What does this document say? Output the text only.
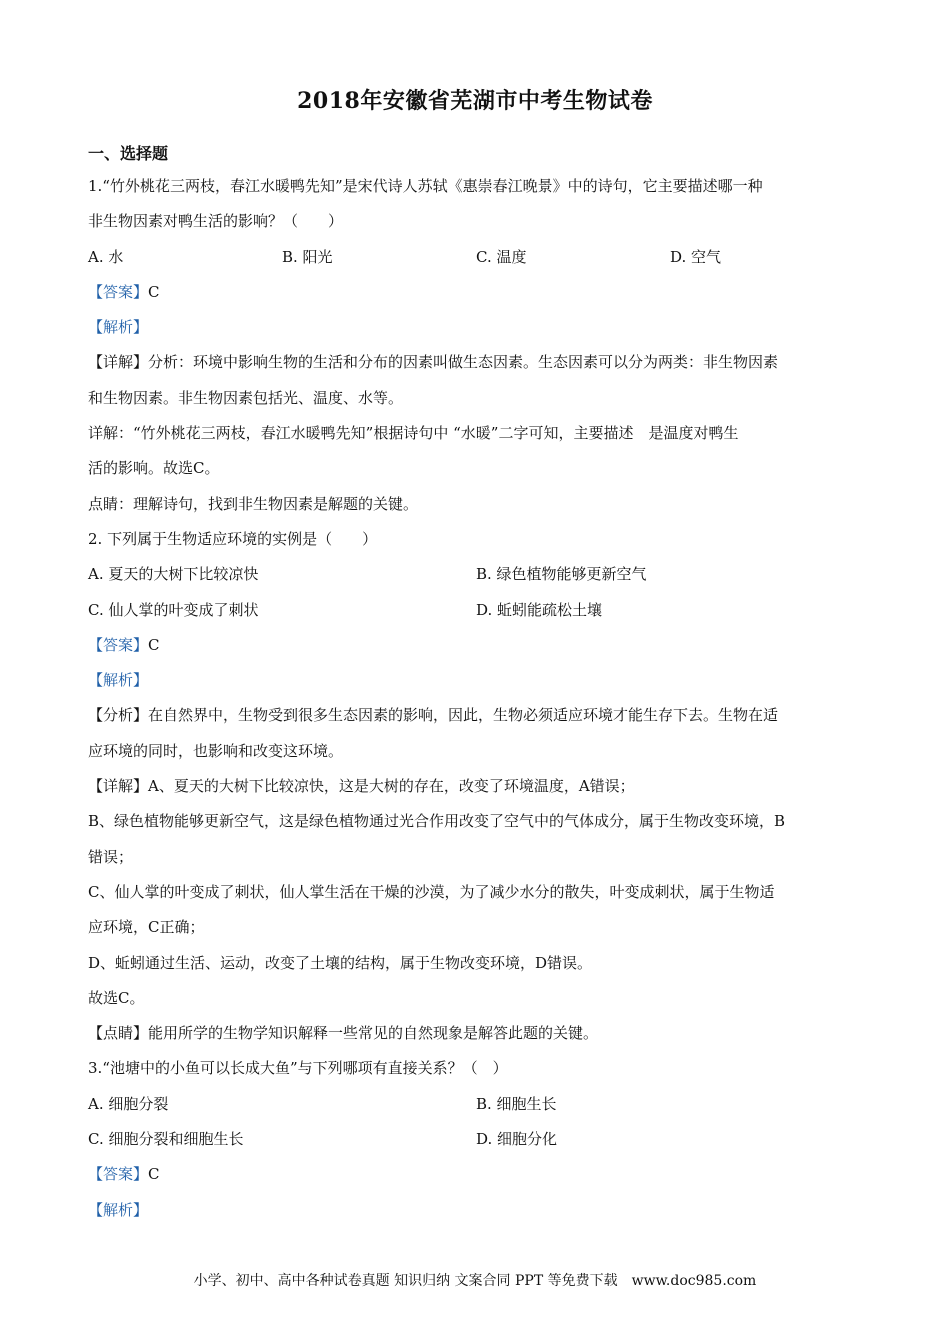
2018年安徽省芜湖市中考生物试卷
一、选择题
1.“竹外桃花三两枝，春江水暖鸭先知”是宋代诗人苏轼《惠崇春江晚景》中的诗句，它主要描述哪一种
非生物因素对鸭生活的影响？（　　）
A. 水	B. 阳光	C. 温度	D. 空气
【答案】C
【解析】
【详解】分析：环境中影响生物的生活和分布的因素叫做生态因素。生态因素可以分为两类：非生物因素
和生物因素。非生物因素包括光、温度、水等。
详解：“竹外桃花三两枝，春江水暖鸭先知”根据诗句中 “水暖”二字可知，主要描述　是温度对鸭生
活的影响。故选C。
点睛：理解诗句，找到非生物因素是解题的关键。
2. 下列属于生物适应环境的实例是（　　）
A. 夏天的大树下比较凉快	B. 绿色植物能够更新空气
C. 仙人掌的叶变成了刺状	D. 蚯蚓能疏松土壤
【答案】C
【解析】
【分析】在自然界中，生物受到很多生态因素的影响，因此，生物必须适应环境才能生存下去。生物在适
应环境的同时，也影响和改变这环境。
【详解】A、夏天的大树下比较凉快，这是大树的存在，改变了环境温度，A错误；
B、绿色植物能够更新空气，这是绿色植物通过光合作用改变了空气中的气体成分，属于生物改变环境，B
错误；
C、仙人掌的叶变成了刺状，仙人掌生活在干燥的沙漠，为了减少水分的散失，叶变成刺状，属于生物适
应环境，C正确；
D、蚯蚓通过生活、运动，改变了土壤的结构，属于生物改变环境，D错误。
故选C。
【点睛】能用所学的生物学知识解释一些常见的自然现象是解答此题的关键。
3.“池塘中的小鱼可以长成大鱼”与下列哪项有直接关系？（　）
A. 细胞分裂	B. 细胞生长
C. 细胞分裂和细胞生长	D. 细胞分化
【答案】C
【解析】
小学、初中、高中各种试卷真题 知识归纳 文案合同 PPT 等免费下载　www.doc985.com
